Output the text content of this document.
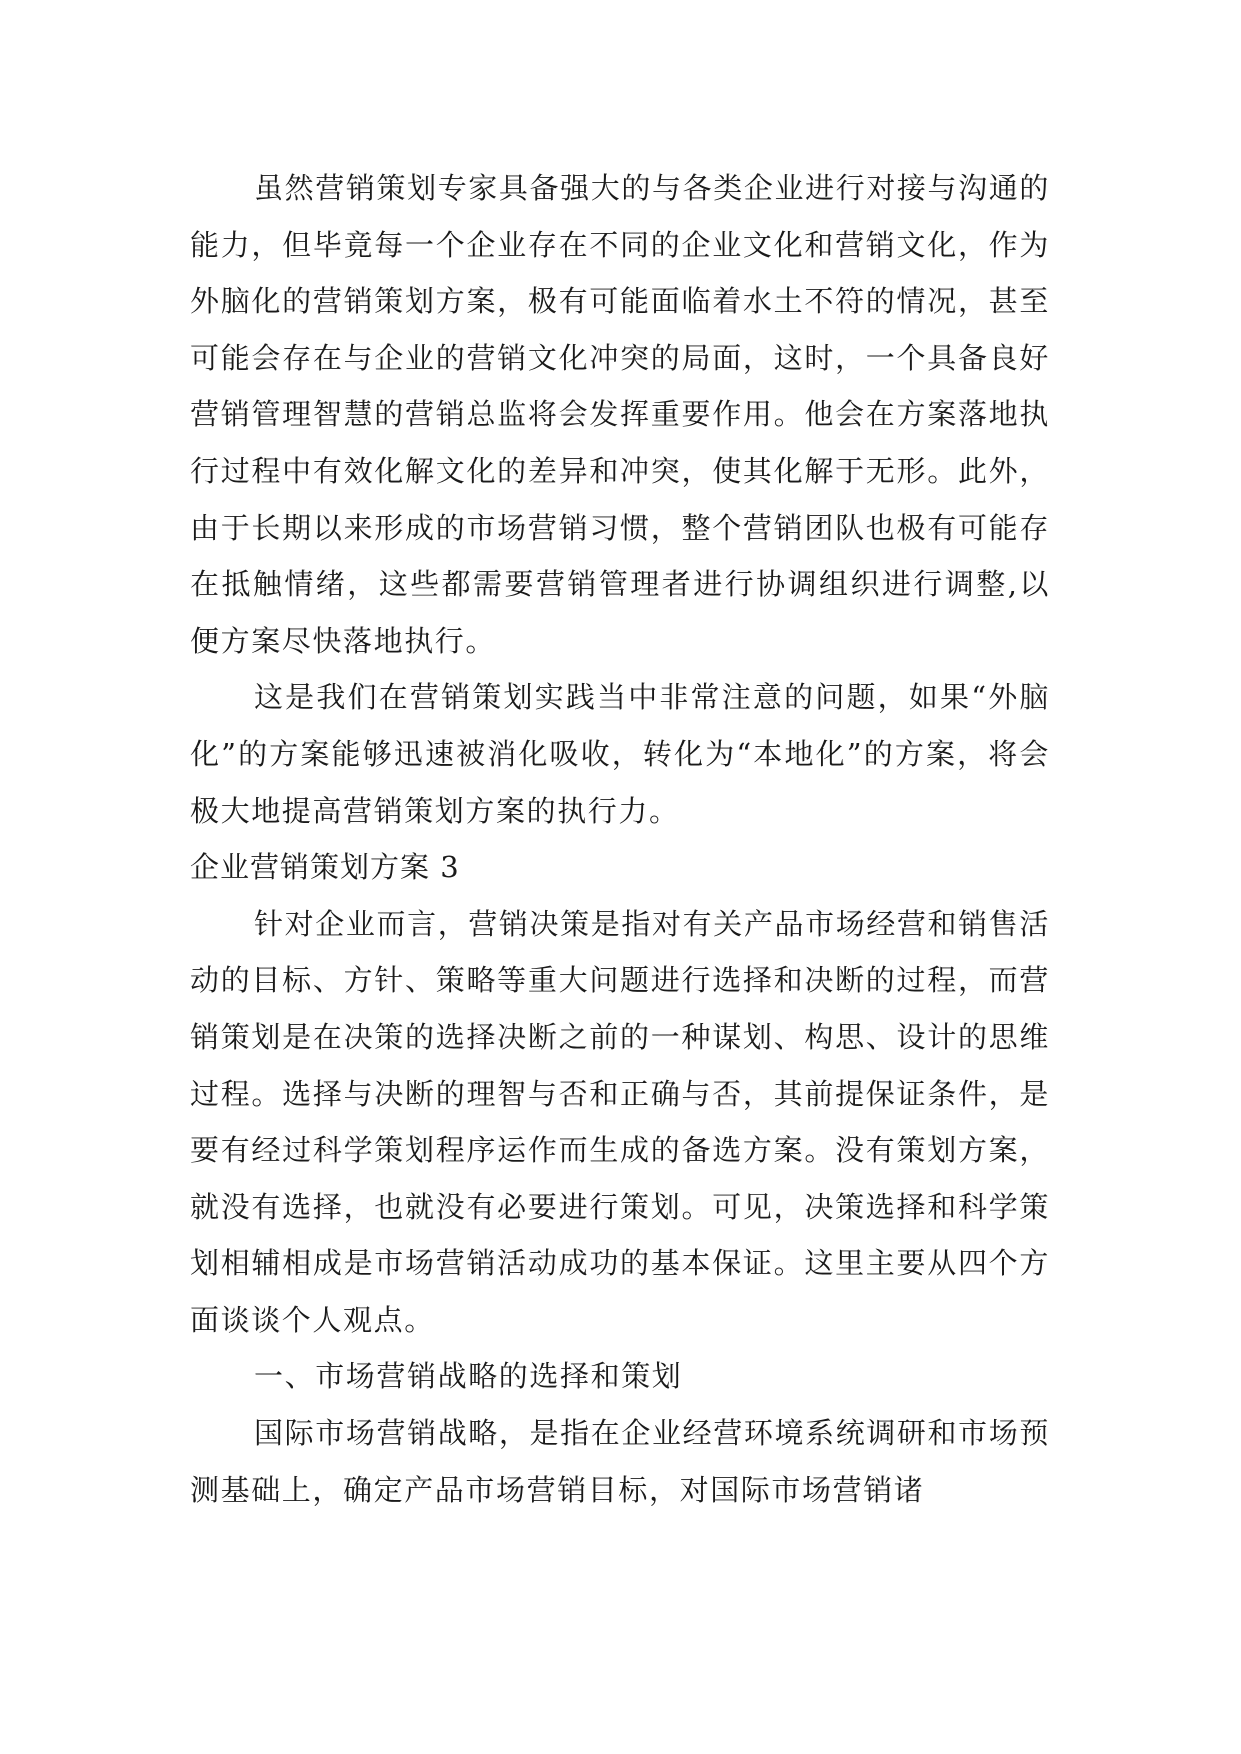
虽然营销策划专家具备强大的与各类企业进行对接与沟通的能力，但毕竟每一个企业存在不同的企业文化和营销文化，作为外脑化的营销策划方案，极有可能面临着水土不符的情况，甚至可能会存在与企业的营销文化冲突的局面，这时，一个具备良好营销管理智慧的营销总监将会发挥重要作用。他会在方案落地执行过程中有效化解文化的差异和冲突，使其化解于无形。此外，由于长期以来形成的市场营销习惯，整个营销团队也极有可能存在抵触情绪，这些都需要营销管理者进行协调组织进行调整,以便方案尽快落地执行。

这是我们在营销策划实践当中非常注意的问题，如果“外脑化”的方案能够迅速被消化吸收，转化为“本地化”的方案，将会极大地提高营销策划方案的执行力。

企业营销策划方案 3

针对企业而言，营销决策是指对有关产品市场经营和销售活动的目标、方针、策略等重大问题进行选择和决断的过程，而营销策划是在决策的选择决断之前的一种谋划、构思、设计的思维过程。选择与决断的理智与否和正确与否，其前提保证条件，是要有经过科学策划程序运作而生成的备选方案。没有策划方案，就没有选择，也就没有必要进行策划。可见，决策选择和科学策划相辅相成是市场营销活动成功的基本保证。这里主要从四个方面谈谈个人观点。

一、市场营销战略的选择和策划

国际市场营销战略，是指在企业经营环境系统调研和市场预测基础上，确定产品市场营销目标，对国际市场营销诸
